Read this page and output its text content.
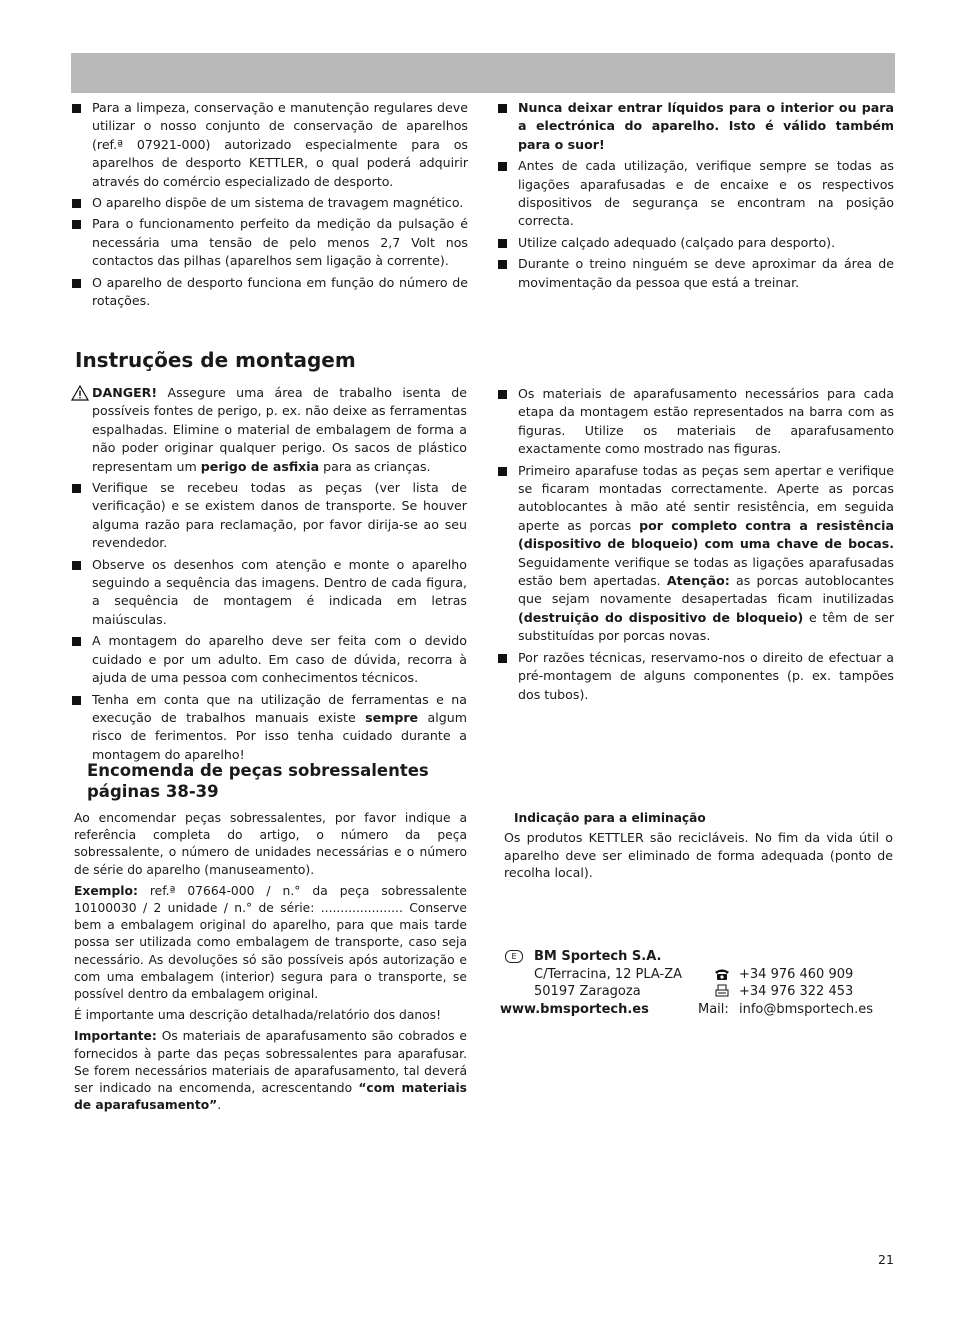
Para a limpeza, conservação e manutenção regulares deve utilizar o nosso conjunto de conservação de aparelhos (ref.ª 07921-000) autorizado especialmente para os aparelhos de desporto KETTLER, o qual poderá adquirir através do comércio especializado de desporto.

O aparelho dispõe de um sistema de travagem magnético.

Para o funcionamento perfeito da medição da pulsação é necessária uma tensão de pelo menos 2,7 Volt nos contactos das pilhas (aparelhos sem ligação à corrente).

O aparelho de desporto funciona em função do número de rotações.

Nunca deixar entrar líquidos para o interior ou para a electrónica do aparelho. Isto é válido também para o suor!

Antes de cada utilização, verifique sempre se todas as ligações aparafusadas e de encaixe e os respectivos dispositivos de segurança se encontram na posição correcta.

Utilize calçado adequado (calçado para desporto).

Durante o treino ninguém se deve aproximar da área de movimentação da pessoa que está a treinar.

Instruções de montagem

DANGER! Assegure uma área de trabalho isenta de possíveis fontes de perigo, p. ex. não deixe as ferramentas espalhadas. Elimine o material de embalagem de forma a não poder originar qualquer perigo. Os sacos de plástico representam um perigo de asfixia para as crianças.

Verifique se recebeu todas as peças (ver lista de verificação) e se existem danos de transporte. Se houver alguma razão para reclamação, por favor dirija-se ao seu revendedor.

Observe os desenhos com atenção e monte o aparelho seguindo a sequência das imagens. Dentro de cada figura, a sequência de montagem é indicada em letras maiúsculas.

A montagem do aparelho deve ser feita com o devido cuidado e por um adulto. Em caso de dúvida, recorra à ajuda de uma pessoa com conhecimentos técnicos.

Tenha em conta que na utilização de ferramentas e na execução de trabalhos manuais existe sempre algum risco de ferimentos. Por isso tenha cuidado durante a montagem do aparelho!

Os materiais de aparafusamento necessários para cada etapa da montagem estão representados na barra com as figuras. Utilize os materiais de aparafusamento exactamente como mostrado nas figuras.

Primeiro aparafuse todas as peças sem apertar e verifique se ficaram montadas correctamente. Aperte as porcas autoblocantes à mão até sentir resistência, em seguida aperte as porcas por completo contra a resistência (dispositivo de bloqueio) com uma chave de bocas. Seguidamente verifique se todas as ligações aparafusadas estão bem apertadas. Atenção: as porcas autoblocantes que sejam novamente desapertadas ficam inutilizadas (destruição do dispositivo de bloqueio) e têm de ser substituídas por porcas novas.

Por razões técnicas, reservamo-nos o direito de efectuar a pré-montagem de alguns componentes (p. ex. tampões dos tubos).

Encomenda de peças sobressalentes páginas 38-39

Ao encomendar peças sobressalentes, por favor indique a referência completa do artigo, o número da peça sobressalente, o número de unidades necessárias e o número de série do aparelho (manuseamento).

Exemplo: ref.ª 07664-000 / n.° da peça sobressalente 10100030 / 2 unidade / n.° de série: ..................... Conserve bem a embalagem original do aparelho, para que mais tarde possa ser utilizada como embalagem de transporte, caso seja necessário. As devoluções só são possíveis após autorização e com uma embalagem (interior) segura para o transporte, se possível dentro da embalagem original.

É importante uma descrição detalhada/relatório dos danos!

Importante: Os materiais de aparafusamento são cobrados e fornecidos à parte das peças sobressalentes para aparafusar. Se forem necessários materiais de aparafusamento, tal deverá ser indicado na encomenda, acrescentando “com materiais de aparafusamento”.

Indicação para a eliminação

Os produtos KETTLER são recicláveis. No fim da vida útil o aparelho deve ser eliminado de forma adequada (ponto de recolha local).

E	BM Sportech S.A.
C/Terracina, 12 PLA-ZA	+34 976 460 909
50197 Zaragoza	+34 976 322 453
www.bmsportech.es	Mail: info@bmsportech.es
21
